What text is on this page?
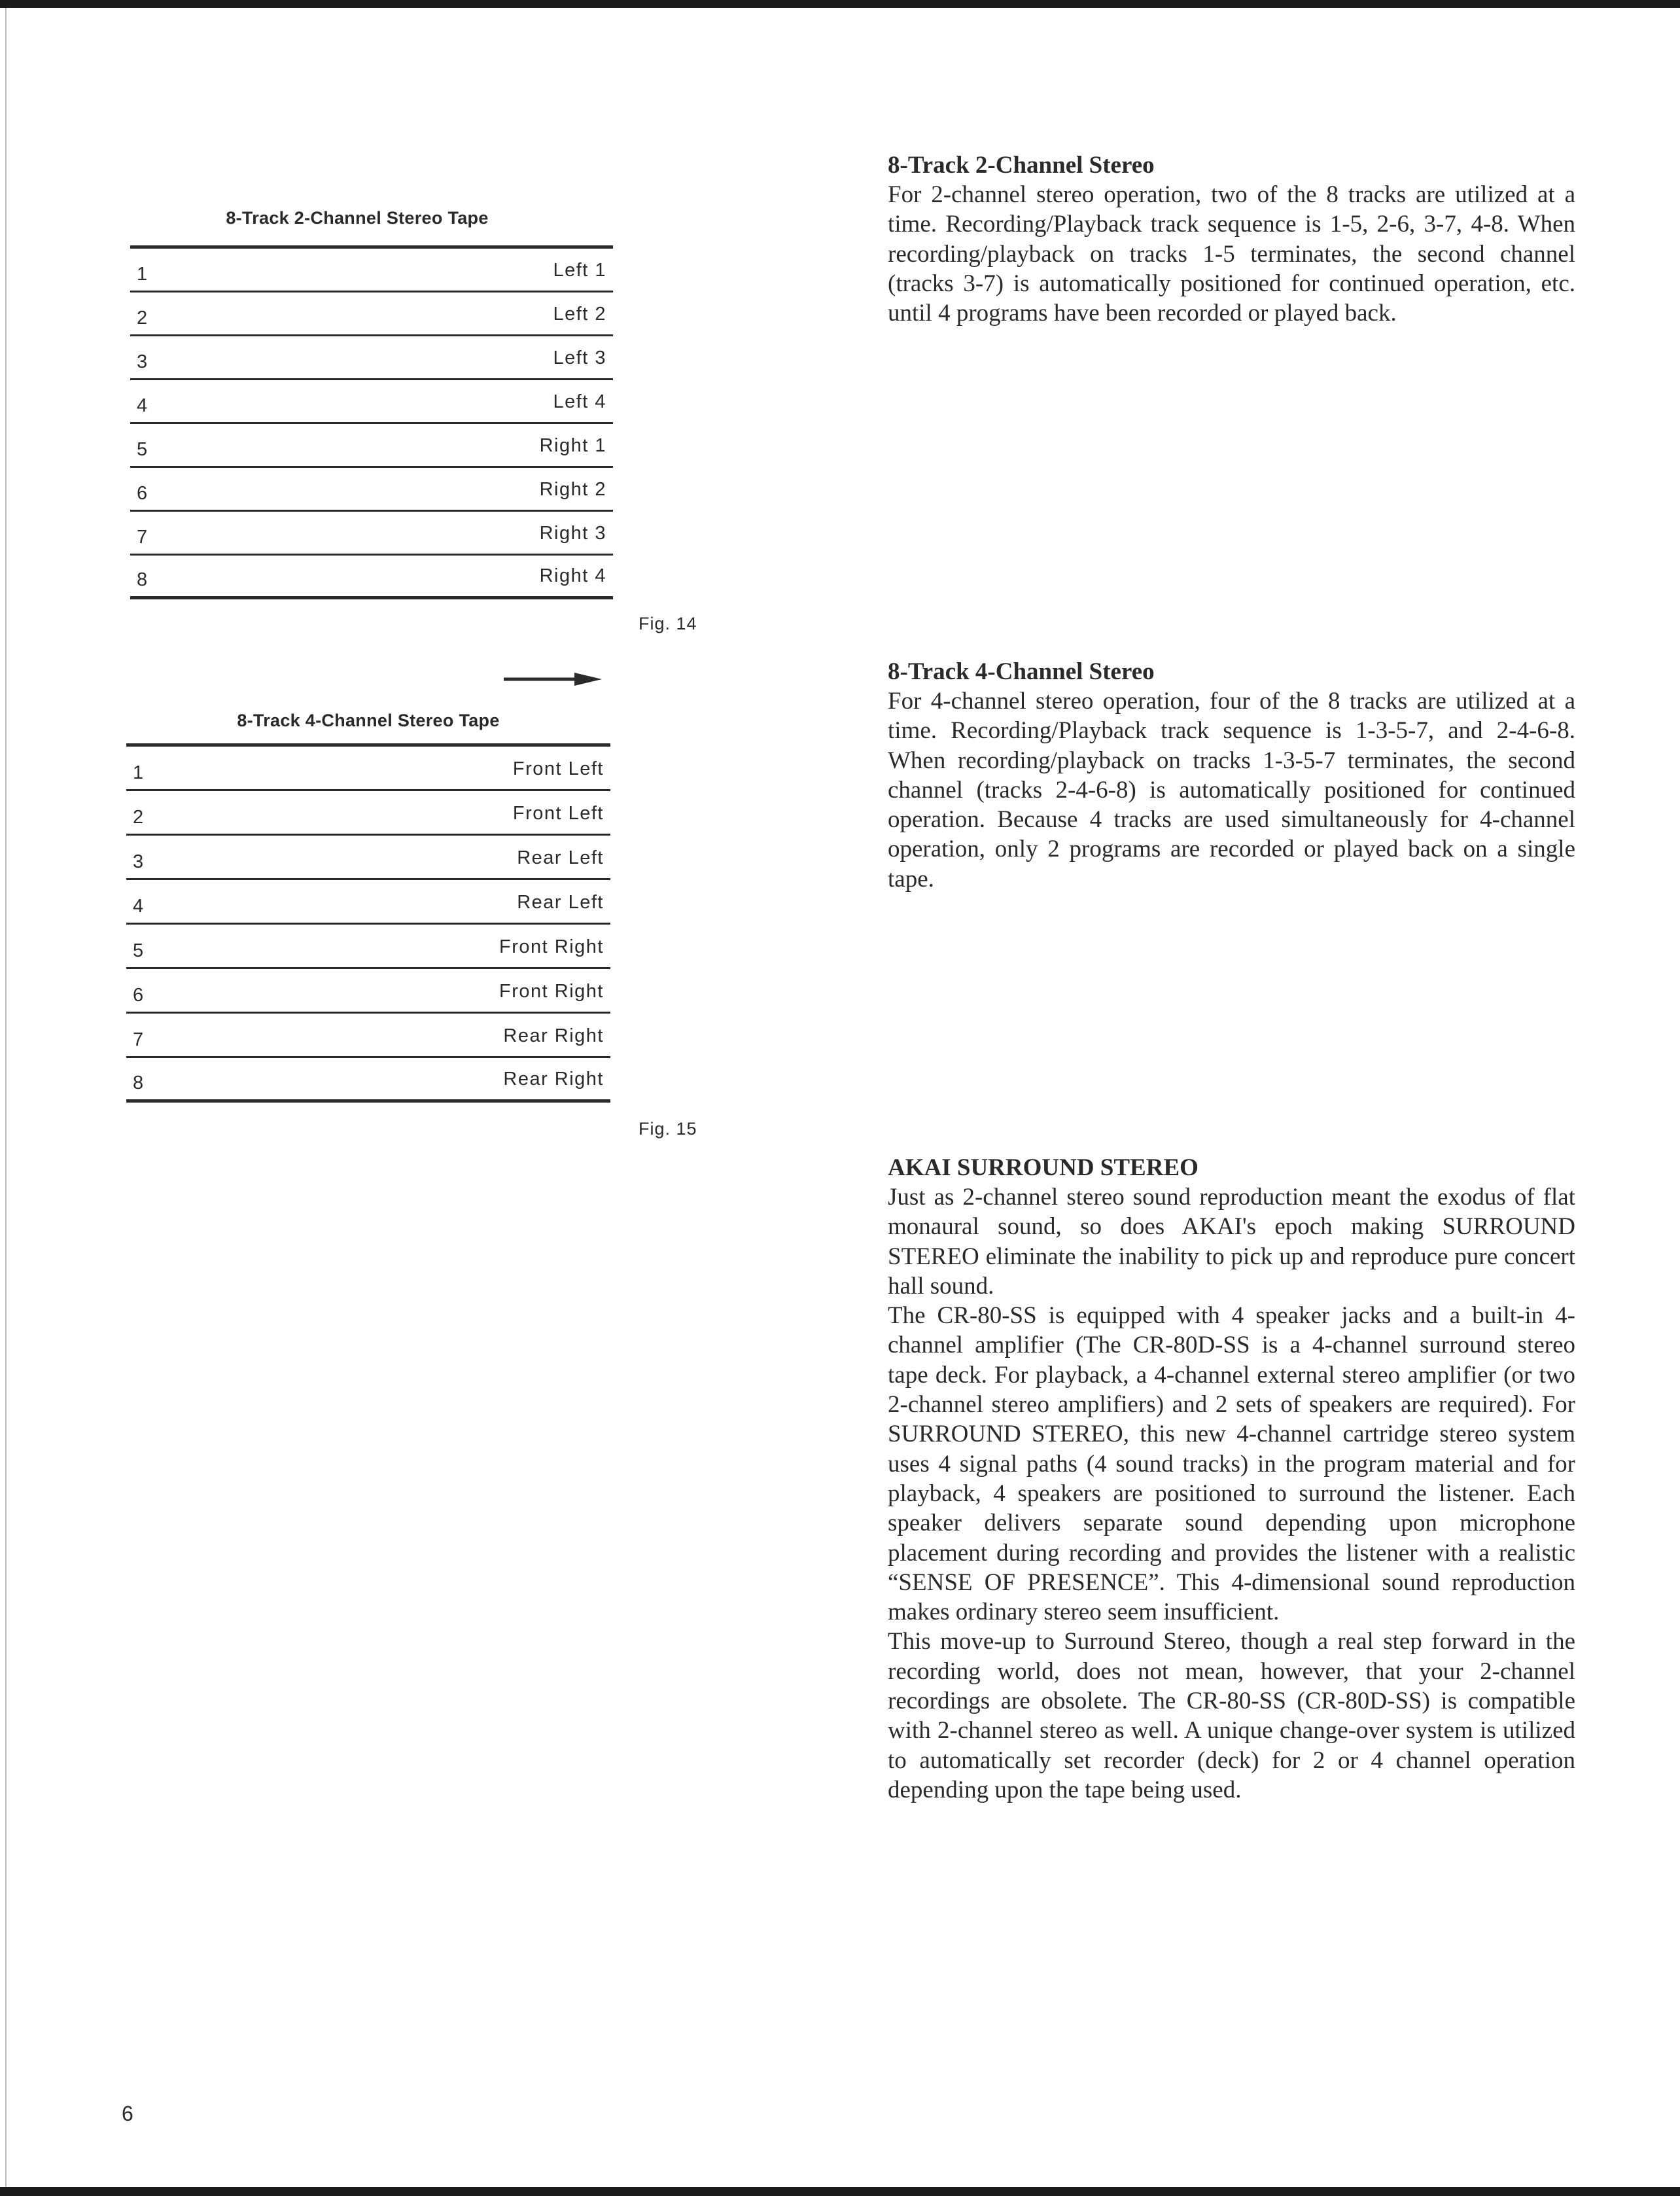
8-Track 2-Channel Stereo Tape
1	Left 1
2	Left 2
3	Left 3
4	Left 4
5	Right 1
6	Right 2
7	Right 3
8	Right 4
Fig. 14
8-Track 4-Channel Stereo Tape
1	Front Left
2	Front Left
3	Rear Left
4	Rear Left
5	Front Right
6	Front Right
7	Rear Right
8	Rear Right
Fig. 15
8-Track 2-Channel Stereo

For 2-channel stereo operation, two of the 8 tracks are utilized at a time. Recording/Playback track sequence is 1-5, 2-6, 3-7, 4-8. When recording/playback on tracks 1-5 terminates, the second channel (tracks 3-7) is automatically positioned for continued operation, etc. until 4 programs have been recorded or played back.

8-Track 4-Channel Stereo

For 4-channel stereo operation, four of the 8 tracks are utilized at a time. Recording/Playback track sequence is 1-3-5-7, and 2-4-6-8. When recording/playback on tracks 1-3-5-7 terminates, the second channel (tracks 2-4-6-8) is automatically positioned for continued operation. Because 4 tracks are used simultaneously for 4-channel operation, only 2 programs are recorded or played back on a single tape.

AKAI SURROUND STEREO

Just as 2-channel stereo sound reproduction meant the exodus of flat monaural sound, so does AKAI's epoch making SURROUND STEREO eliminate the inability to pick up and reproduce pure concert hall sound.

The CR-80-SS is equipped with 4 speaker jacks and a built-in 4-channel amplifier (The CR-80D-SS is a 4-channel surround stereo tape deck. For playback, a 4-channel external stereo amplifier (or two 2-channel stereo amplifiers) and 2 sets of speakers are required). For SURROUND STEREO, this new 4-channel cartridge stereo system uses 4 signal paths (4 sound tracks) in the program material and for playback, 4 speakers are positioned to surround the listener. Each speaker delivers separate sound depending upon microphone placement during recording and provides the listener with a realistic “SENSE OF PRESENCE”. This 4-dimensional sound reproduction makes ordinary stereo seem insufficient.

This move-up to Surround Stereo, though a real step forward in the recording world, does not mean, however, that your 2-channel recordings are obsolete. The CR-80-SS (CR-80D-SS) is compatible with 2-channel stereo as well. A unique change-over system is utilized to automatically set recorder (deck) for 2 or 4 channel operation depending upon the tape being used.

6
